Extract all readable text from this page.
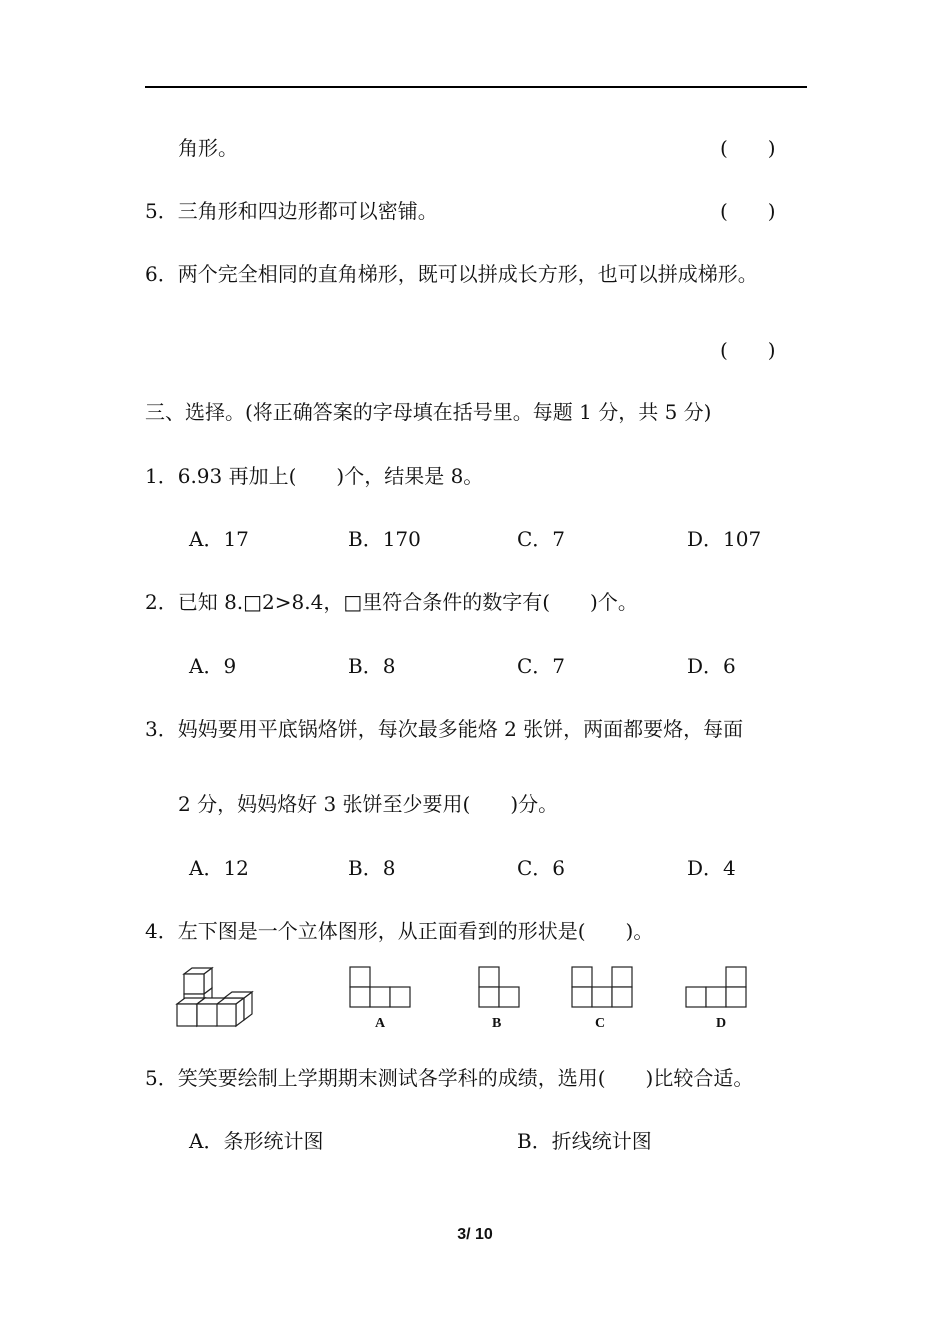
角形。	(　　)
5．三角形和四边形都可以密铺。	(　　)
6．两个完全相同的直角梯形，既可以拼成长方形，也可以拼成梯形。
(　　)
三、选择。(将正确答案的字母填在括号里。每题 1 分，共 5 分)
1．6.93 再加上(　　)个，结果是 8。
A．17	B．170	C．7	D．107
2．已知 8.□2>8.4，□里符合条件的数字有(　　)个。
A．9	B．8	C．7	D．6
3．妈妈要用平底锅烙饼，每次最多能烙 2 张饼，两面都要烙，每面
2 分，妈妈烙好 3 张饼至少要用(　　)分。
A．12	B．8	C．6	D．4
4．左下图是一个立体图形，从正面看到的形状是(　　)。
A	B	C	D
5．笑笑要绘制上学期期末测试各学科的成绩，选用(　　)比较合适。
A．条形统计图	B．折线统计图
3/ 10
